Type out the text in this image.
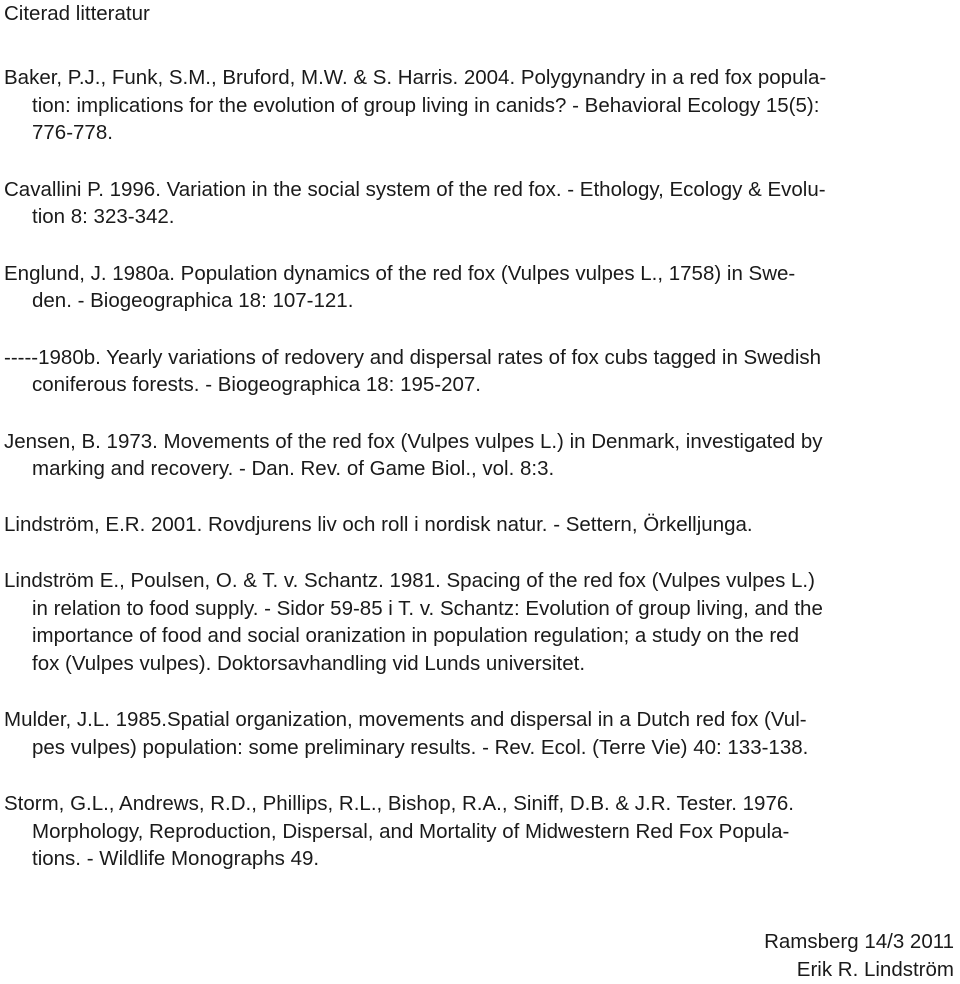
Citerad litteratur

Baker, P.J., Funk, S.M., Bruford, M.W. & S. Harris. 2004. Polygynandry in a red fox popula-
tion: implications for the evolution of group living in canids? - Behavioral Ecology 15(5):
776-778.

Cavallini P. 1996. Variation in the social system of the red fox. - Ethology, Ecology & Evolu-
tion 8: 323-342.

Englund, J. 1980a. Population dynamics of the red fox (Vulpes vulpes L., 1758) in Swe-
den. - Biogeographica 18: 107-121.

-----1980b. Yearly variations of redovery and dispersal rates of fox cubs tagged in Swedish
coniferous forests. - Biogeographica 18: 195-207.

Jensen, B. 1973. Movements of the red fox (Vulpes vulpes L.) in Denmark, investigated by
marking and recovery. - Dan. Rev. of Game Biol., vol. 8:3.

Lindström, E.R. 2001. Rovdjurens liv och roll i nordisk natur. - Settern, Örkelljunga.

Lindström E., Poulsen, O. & T. v. Schantz. 1981. Spacing of the red fox (Vulpes vulpes L.)
in relation to food supply. - Sidor 59-85 i T. v. Schantz: Evolution of group living, and the
importance of food and social oranization in population regulation; a study on the red
fox (Vulpes vulpes). Doktorsavhandling vid Lunds universitet.

Mulder, J.L. 1985.Spatial organization, movements and dispersal in a Dutch red fox (Vul-
pes vulpes) population: some preliminary results. - Rev. Ecol. (Terre Vie) 40: 133-138.

Storm, G.L., Andrews, R.D., Phillips, R.L., Bishop, R.A., Siniff, D.B. & J.R. Tester. 1976.
Morphology, Reproduction, Dispersal, and Mortality of Midwestern Red Fox Popula-
tions. - Wildlife Monographs 49.

Ramsberg 14/3 2011
Erik R. Lindström
